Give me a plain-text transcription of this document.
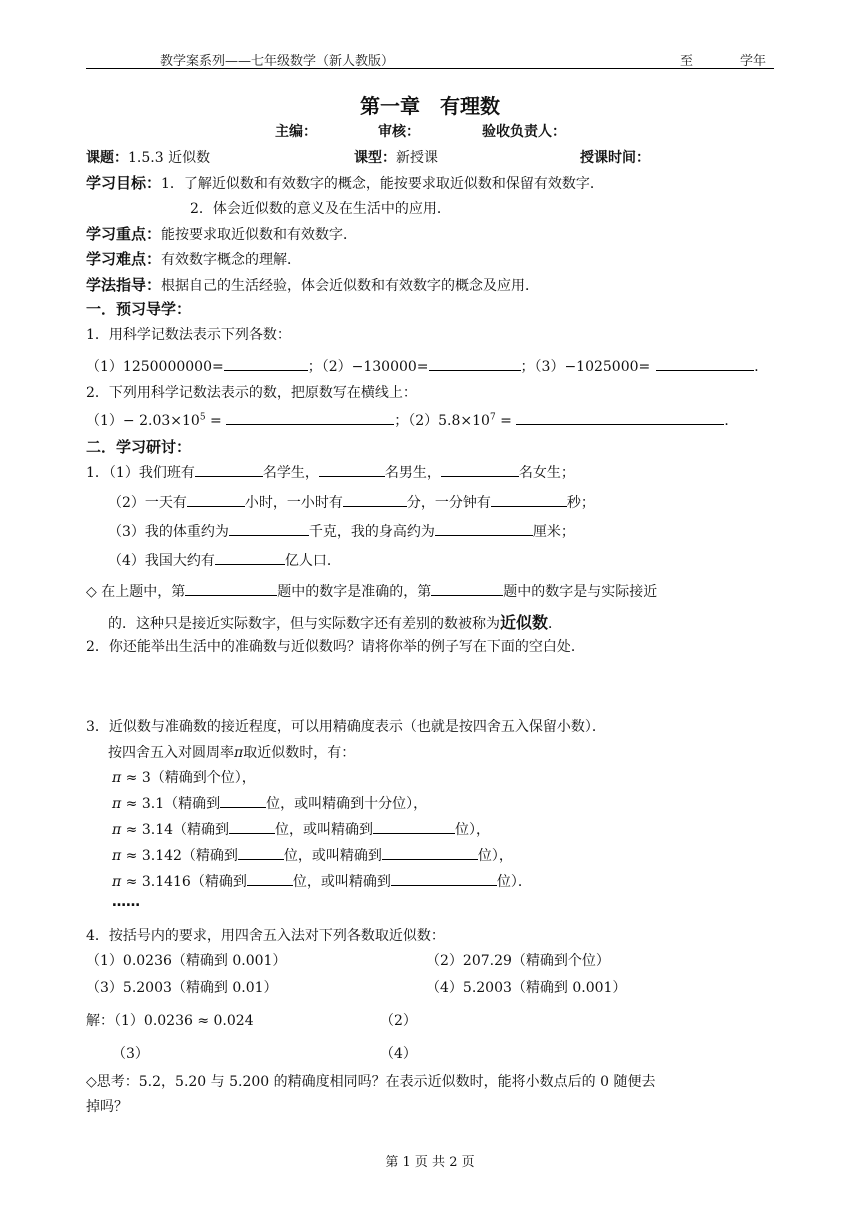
教学案系列——七年级数学（新人教版）	至	学年
第一章　有理数
主编：	审核：	验收负责人：
课题：1.5.3 近似数	课型：新授课	授课时间：
学习目标：1．了解近似数和有效数字的概念，能按要求取近似数和保留有效数字．
2．体会近似数的意义及在生活中的应用．
学习重点：能按要求取近似数和有效数字．
学习难点：有效数字概念的理解．
学法指导：根据自己的生活经验，体会近似数和有效数字的概念及应用．
一．预习导学：
1．用科学记数法表示下列各数：
（1）1250000000=	；（2）−130000=	；（3）−1025000=	．
2．下列用科学记数法表示的数，把原数写在横线上：
$(1)- 2.03\times 10^5$ =	；$(2)5.8\times 10^7$ =	．
二．学习研讨：
1．（1）我们班有	名学生，	名男生，	名女生；
（2）一天有	小时，一小时有	分，一分钟有	秒；
（3）我的体重约为	千克，我的身高约为	厘米；
（4）我国大约有	亿人口．
◇ 在上题中，第	题中的数字是准确的，第	题中的数字是与实际接近
的．这种只是接近实际数字，但与实际数字还有差别的数被称为近似数．
2．你还能举出生活中的准确数与近似数吗？请将你举的例子写在下面的空白处．
3．近似数与准确数的接近程度，可以用精确度表示（也就是按四舍五入保留小数）．
按四舍五入对圆周率π取近似数时，有：
π ≈ 3（精确到个位），
π ≈ 3.1（精确到	位，或叫精确到十分位），
π ≈ 3.14（精确到	位，或叫精确到	位），
π ≈ 3.142（精确到	位，或叫精确到	位），
π ≈ 3.1416（精确到	位，或叫精确到	位）．
……
4．按括号内的要求，用四舍五入法对下列各数取近似数：
（1）0.0236（精确到 0.001）	（2）207.29（精确到个位）
（3）5.2003（精确到 0.01）	（4）5.2003（精确到 0.001）
解：（1）0.0236 ≈ 0.024	（2）
（3）	（4）
◇思考：5.2，5.20 与 5.200 的精确度相同吗？在表示近似数时，能将小数点后的 0 随便去
掉吗？
第 1 页 共 2 页
